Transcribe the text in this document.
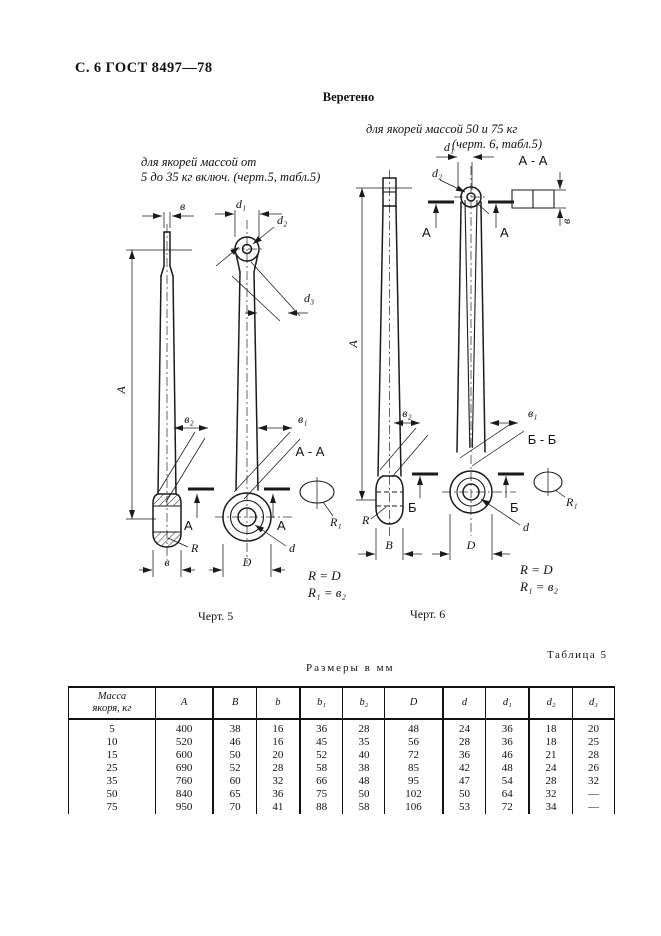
С. 6 ГОСТ 8497—78
Веретено
для якорей массой от
5 до 35 кг включ. (черт.5, табл.5)
для якорей массой 50 и 75 кг
(черт. 6, табл.5)
А
в
в₂
d₁
d₂
d₃
в₁
А - А
R₁
А	А
R
в	D
d
R = D
R₁ = в₂
Черт. 5
А
d₁
d₂
А	А
А - А
в
в₂	в₁
Б - Б
R₁
Б	Б
R
В	D
d
R = D
R₁ = в₂
Черт. 6
Таблица 5
Размеры в мм
Масса
якоря, кг	А	В	b	b₁	b₂	D	d	d₁	d₂	d₃
5	400	38	16	36	28	48	24	36	18	20
10	520	46	16	45	35	56	28	36	18	25
15	600	50	20	52	40	72	36	46	21	28
25	690	52	28	58	38	85	42	48	24	26
35	760	60	32	66	48	95	47	54	28	32
50	840	65	36	75	50	102	50	64	32	—
75	950	70	41	88	58	106	53	72	34	—
